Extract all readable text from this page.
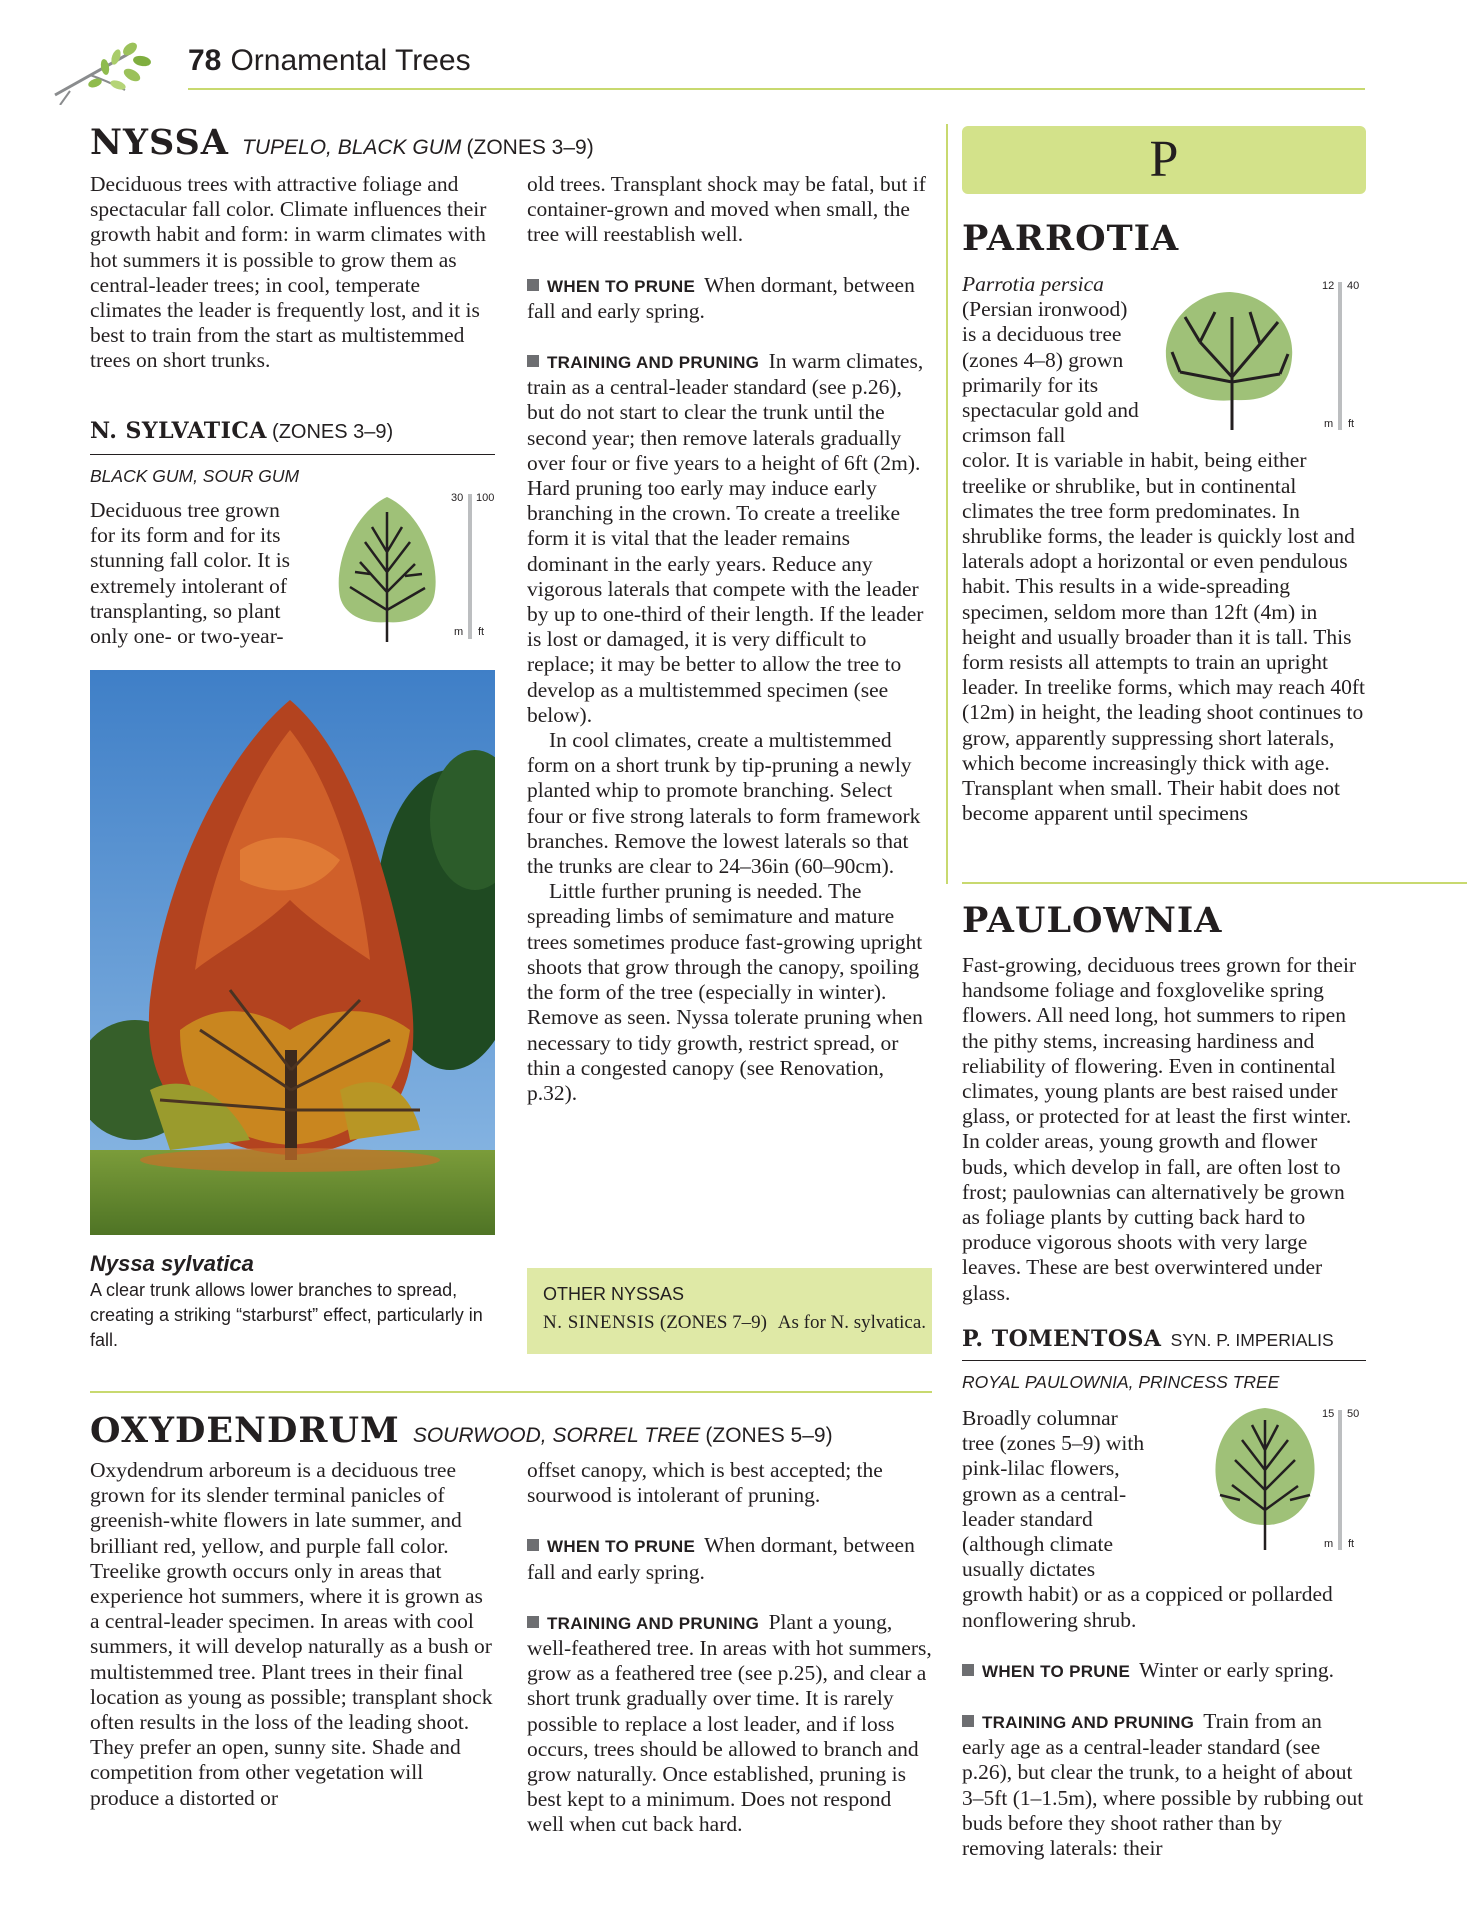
78 Ornamental Trees
NYSSA TUPELO, BLACK GUM (ZONES 3–9)

Deciduous trees with attractive foliage and spectacular fall color. Climate influences their growth habit and form: in warm climates with hot summers it is possible to grow them as central-leader trees; in cool, temperate climates the leader is frequently lost, and it is best to train from the start as multistemmed trees on short trunks.

N. SYLVATICA (ZONES 3–9)
BLACK GUM, SOUR GUM

Deciduous tree grown for its form and for its stunning fall color. It is extremely intolerant of transplanting, so plant only one- or two-year-

30 100
m ft
Nyssa sylvatica
A clear trunk allows lower branches to spread, creating a striking “starburst” effect, particularly in fall.

old trees. Transplant shock may be fatal, but if container-grown and moved when small, the tree will reestablish well.

WHEN TO PRUNE When dormant, between fall and early spring.

TRAINING AND PRUNING In warm climates, train as a central-leader standard (see p.26), but do not start to clear the trunk until the second year; then remove laterals gradually over four or five years to a height of 6ft (2m). Hard pruning too early may induce early branching in the crown. To create a treelike form it is vital that the leader remains dominant in the early years. Reduce any vigorous laterals that compete with the leader by up to one-third of their length. If the leader is lost or damaged, it is very difficult to replace; it may be better to allow the tree to develop as a multistemmed specimen (see below).

In cool climates, create a multistemmed form on a short trunk by tip-pruning a newly planted whip to promote branching. Select four or five strong laterals to form framework branches. Remove the lowest laterals so that the trunks are clear to 24–36in (60–90cm).

Little further pruning is needed. The spreading limbs of semimature and mature trees sometimes produce fast-growing upright shoots that grow through the canopy, spoiling the form of the tree (especially in winter). Remove as seen. Nyssa tolerate pruning when necessary to tidy growth, restrict spread, or thin a congested canopy (see Renovation, p.32).

OTHER NYSSAS
N. SINENSIS (ZONES 7–9) As for N. sylvatica.
OXYDENDRUM SOURWOOD, SORREL TREE (ZONES 5–9)

Oxydendrum arboreum is a deciduous tree grown for its slender terminal panicles of greenish-white flowers in late summer, and brilliant red, yellow, and purple fall color. Treelike growth occurs only in areas that experience hot summers, where it is grown as a central-leader specimen. In areas with cool summers, it will develop naturally as a bush or multistemmed tree. Plant trees in their final location as young as possible; transplant shock often results in the loss of the leading shoot. They prefer an open, sunny site. Shade and competition from other vegetation will produce a distorted or

offset canopy, which is best accepted; the sourwood is intolerant of pruning.

WHEN TO PRUNE When dormant, between fall and early spring.

TRAINING AND PRUNING Plant a young, well-feathered tree. In areas with hot summers, grow as a feathered tree (see p.25), and clear a short trunk gradually over time. It is rarely possible to replace a lost leader, and if loss occurs, trees should be allowed to branch and grow naturally. Once established, pruning is best kept to a minimum. Does not respond well when cut back hard.

P
PARROTIA
Parrotia persica (Persian ironwood) is a deciduous tree (zones 4–8) grown primarily for its spectacular gold and crimson fall

color. It is variable in habit, being either treelike or shrublike, but in continental climates the tree form predominates. In shrublike forms, the leader is quickly lost and laterals adopt a horizontal or even pendulous habit. This results in a wide-spreading specimen, seldom more than 12ft (4m) in height and usually broader than it is tall. This form resists all attempts to train an upright leader. In treelike forms, which may reach 40ft (12m) in height, the leading shoot continues to grow, apparently suppressing short laterals, which become increasingly thick with age. Transplant when small. Their habit does not become apparent until specimens

12 40
m ft
PAULOWNIA

Fast-growing, deciduous trees grown for their handsome foliage and foxglovelike spring flowers. All need long, hot summers to ripen the pithy stems, increasing hardiness and reliability of flowering. Even in continental climates, young plants are best raised under glass, or protected for at least the first winter. In colder areas, young growth and flower buds, which develop in fall, are often lost to frost; paulownias can alternatively be grown as foliage plants by cutting back hard to produce vigorous shoots with very large leaves. These are best overwintered under glass.

P. TOMENTOSA SYN. P. IMPERIALIS
ROYAL PAULOWNIA, PRINCESS TREE
Broadly columnar tree (zones 5–9) with pink-lilac flowers, grown as a central-leader standard (although climate usually dictates

growth habit) or as a coppiced or pollarded nonflowering shrub.

WHEN TO PRUNE Winter or early spring.

TRAINING AND PRUNING Train from an early age as a central-leader standard (see p.26), but clear the trunk, to a height of about 3–5ft (1–1.5m), where possible by rubbing out buds before they shoot rather than by removing laterals: their

15 50
m ft
